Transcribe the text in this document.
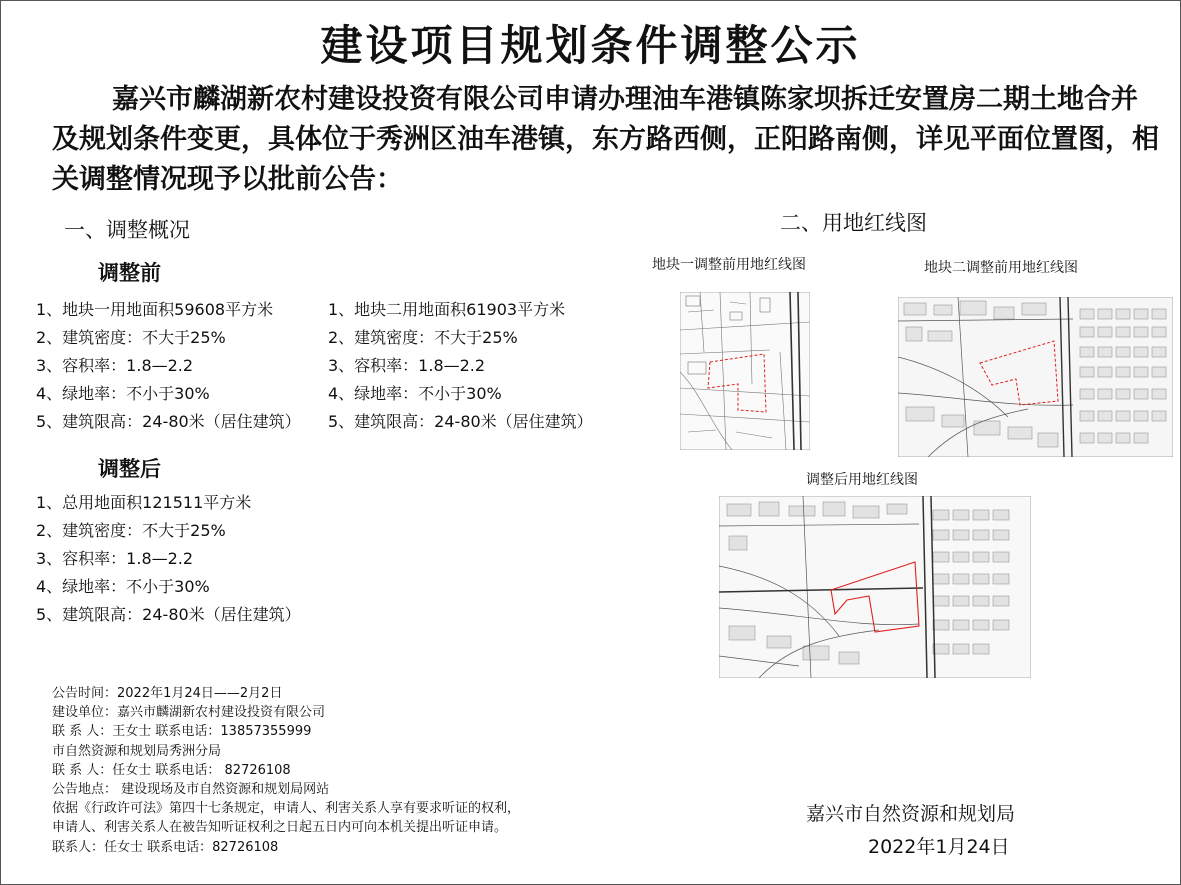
建设项目规划条件调整公示
嘉兴市麟湖新农村建设投资有限公司申请办理油车港镇陈家坝拆迁安置房二期土地合并及规划条件变更，具体位于秀洲区油车港镇，东方路西侧，正阳路南侧，详见平面位置图，相关调整情况现予以批前公告：
一、调整概况
调整前
1、地块一用地面积59608平方米
2、建筑密度：不大于25%
3、容积率：1.8—2.2
4、绿地率：不小于30%
5、建筑限高：24-80米（居住建筑）
1、地块二用地面积61903平方米
2、建筑密度：不大于25%
3、容积率：1.8—2.2
4、绿地率：不小于30%
5、建筑限高：24-80米（居住建筑）
调整后
1、总用地面积121511平方米
2、建筑密度：不大于25%
3、容积率：1.8—2.2
4、绿地率：不小于30%
5、建筑限高：24-80米（居住建筑）
二、用地红线图
地块一调整前用地红线图	地块二调整前用地红线图
调整后用地红线图
公告时间：2022年1月24日——2月2日
建设单位：嘉兴市麟湖新农村建设投资有限公司
联 系 人：王女士 联系电话：13857355999
市自然资源和规划局秀洲分局
联 系 人：任女士 联系电话： 82726108
公告地点： 建设现场及市自然资源和规划局网站
依据《行政许可法》第四十七条规定，申请人、利害关系人享有要求听证的权利，
申请人、利害关系人在被告知听证权利之日起五日内可向本机关提出听证申请。
联系人：任女士 联系电话：82726108
嘉兴市自然资源和规划局
2022年1月24日
